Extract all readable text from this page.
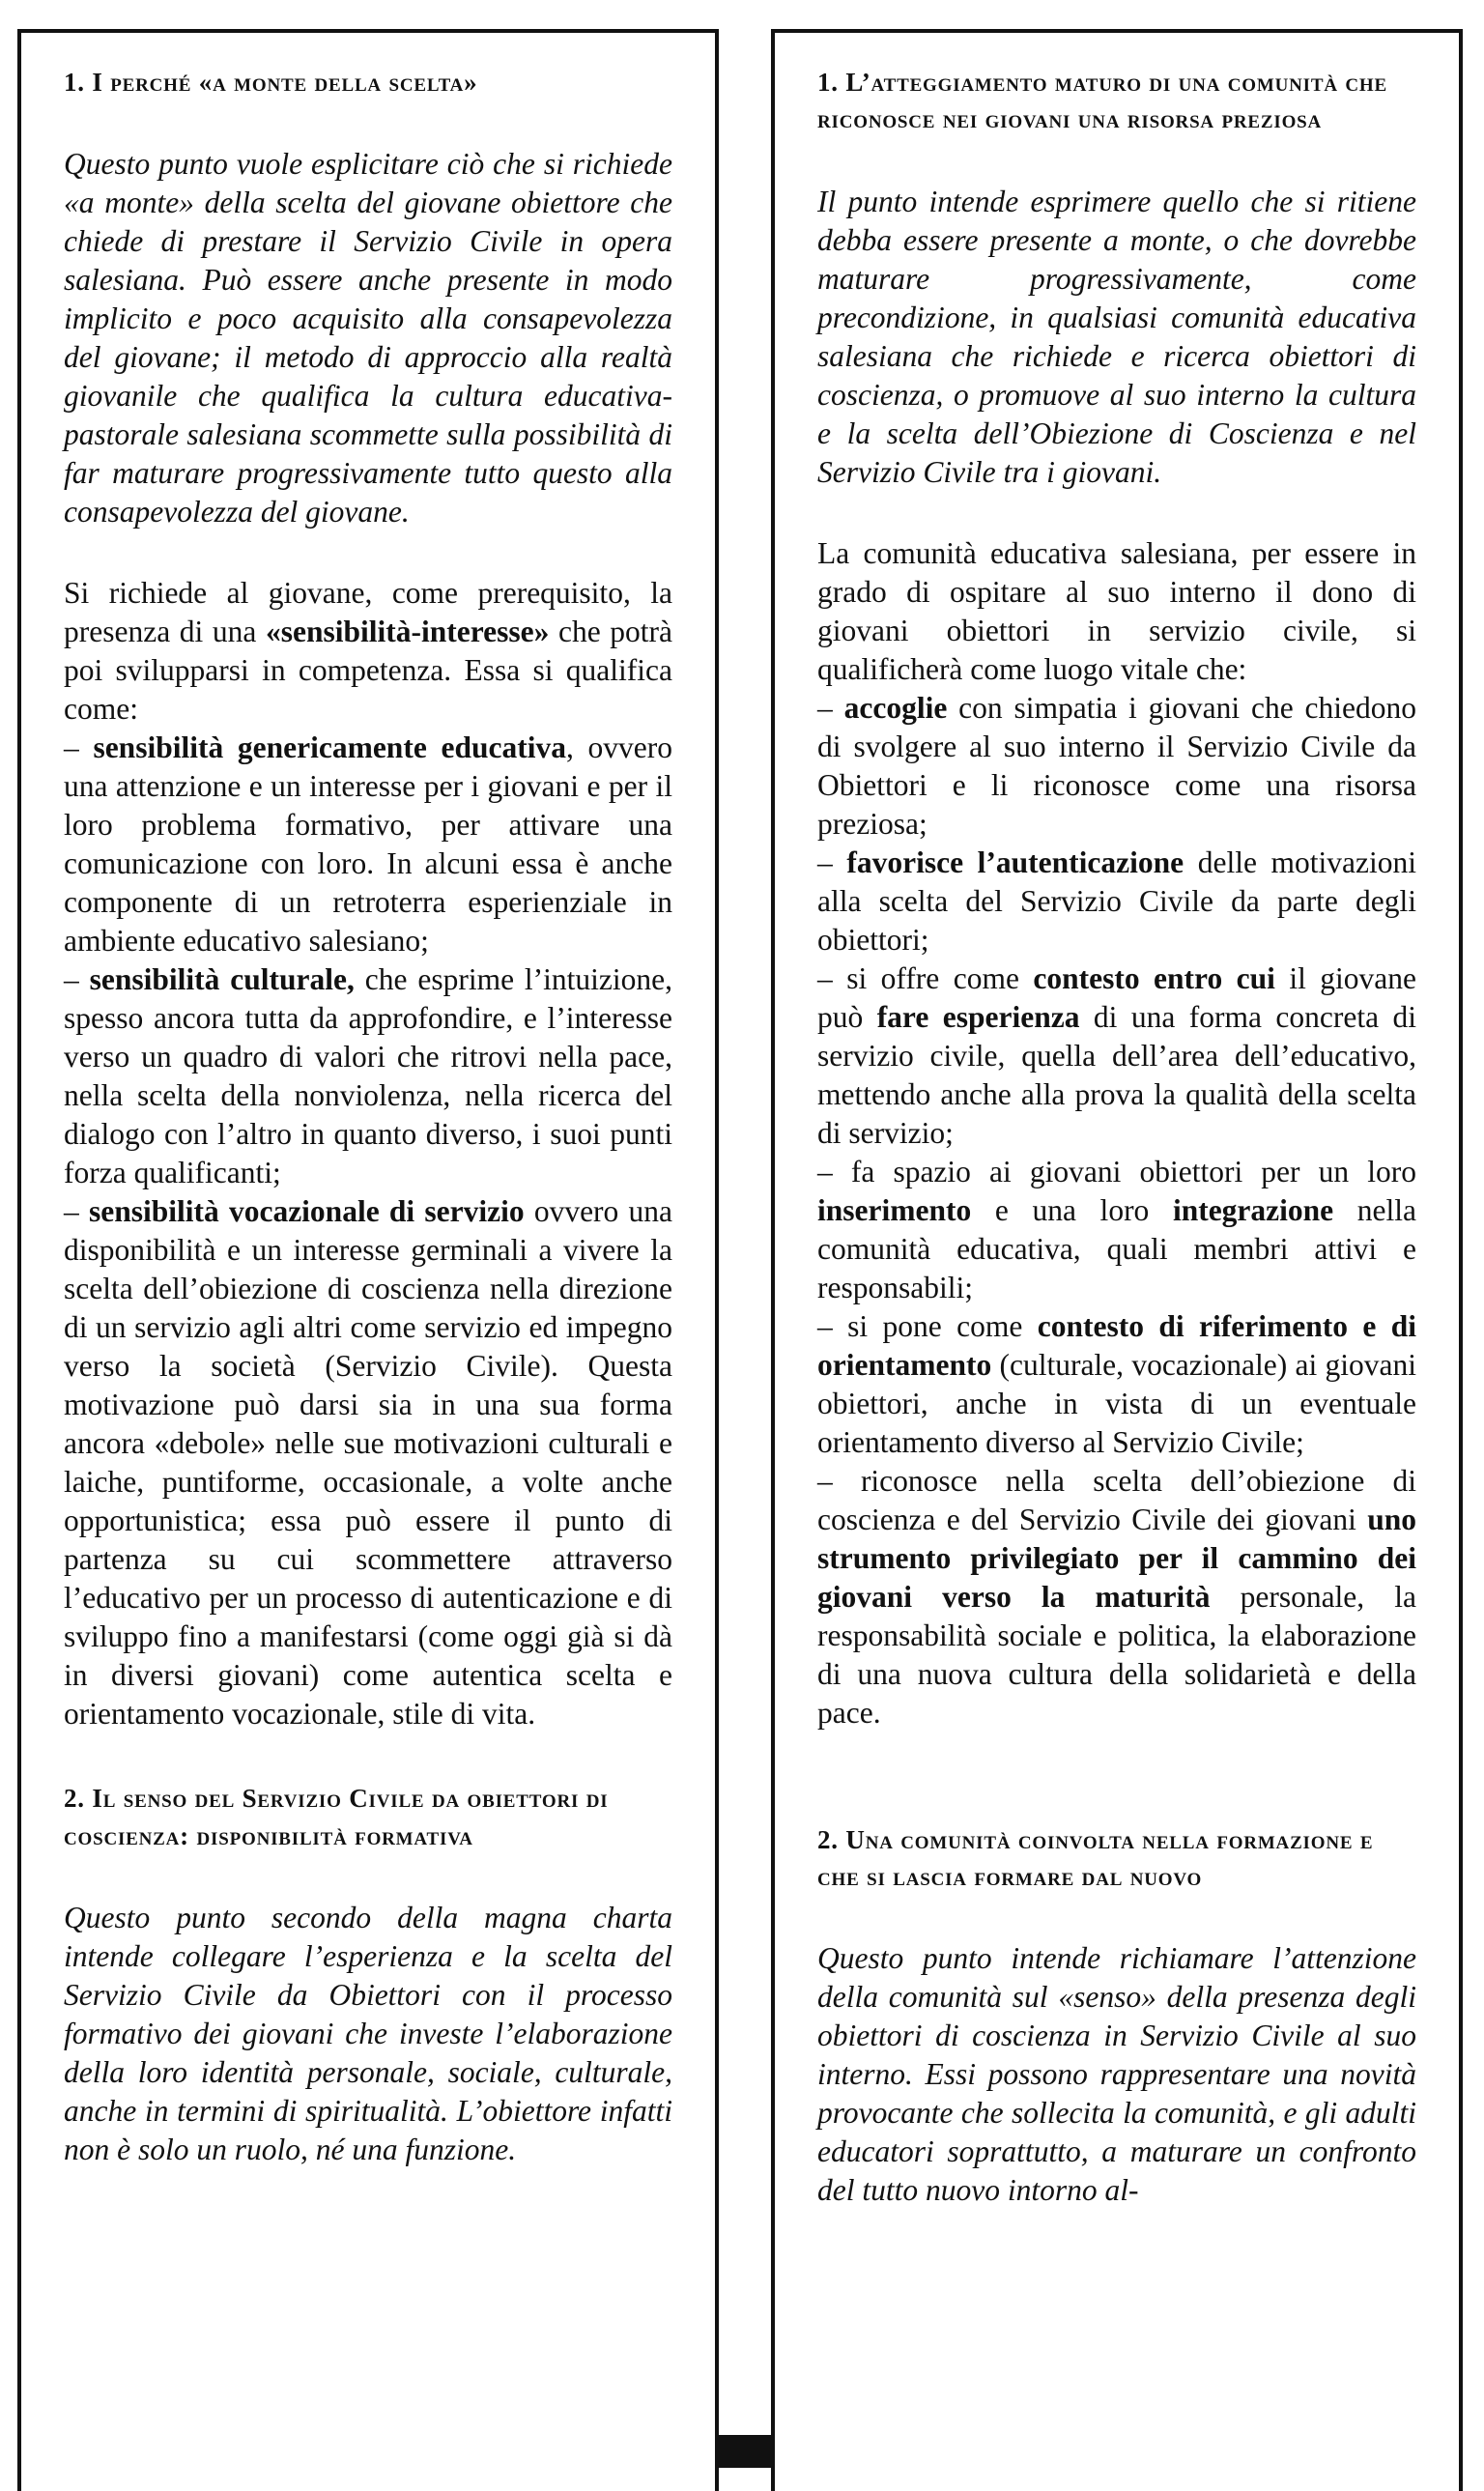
1. I perché «a monte della scelta»

Questo punto vuole esplicitare ciò che si richiede «a monte» della scelta del giovane obiettore che chiede di prestare il Servizio Civile in opera salesiana. Può essere anche presente in modo implicito e poco acquisito alla consapevolezza del giovane; il metodo di approccio alla realtà giovanile che qualifica la cultura educativa-pastorale salesiana scommette sulla possibilità di far maturare progressivamente tutto questo alla consapevolezza del giovane.

Si richiede al giovane, come prerequisito, la presenza di una «sensibilità-interesse» che potrà poi svilupparsi in competenza. Essa si qualifica come:

– sensibilità genericamente educativa, ovvero una attenzione e un interesse per i giovani e per il loro problema formativo, per attivare una comunicazione con loro. In alcuni essa è anche componente di un retroterra esperienziale in ambiente educativo salesiano;

– sensibilità culturale, che esprime l’intuizione, spesso ancora tutta da approfondire, e l’interesse verso un quadro di valori che ritrovi nella pace, nella scelta della nonviolenza, nella ricerca del dialogo con l’altro in quanto diverso, i suoi punti forza qualificanti;

– sensibilità vocazionale di servizio ovvero una disponibilità e un interesse germinali a vivere la scelta dell’obiezione di coscienza nella direzione di un servizio agli altri come servizio ed impegno verso la società (Servizio Civile). Questa motivazione può darsi sia in una sua forma ancora «debole» nelle sue motivazioni culturali e laiche, puntiforme, occasionale, a volte anche opportunistica; essa può essere il punto di partenza su cui scommettere attraverso l’educativo per un processo di autenticazione e di sviluppo fino a manifestarsi (come oggi già si dà in diversi giovani) come autentica scelta e orientamento vocazionale, stile di vita.

2. Il senso del Servizio Civile da obiettori di coscienza: disponibilità formativa

Questo punto secondo della magna charta intende collegare l’esperienza e la scelta del Servizio Civile da Obiettori con il processo formativo dei giovani che investe l’elaborazione della loro identità personale, sociale, culturale, anche in termini di spiritualità. L’obiettore infatti non è solo un ruolo, né una funzione.

1. L’atteggiamento maturo di una comunità che riconosce nei giovani una risorsa preziosa

Il punto intende esprimere quello che si ritiene debba essere presente a monte, o che dovrebbe maturare progressivamente, come precondizione, in qualsiasi comunità educativa salesiana che richiede e ricerca obiettori di coscienza, o promuove al suo interno la cultura e la scelta dell’Obiezione di Coscienza e nel Servizio Civile tra i giovani.

La comunità educativa salesiana, per essere in grado di ospitare al suo interno il dono di giovani obiettori in servizio civile, si qualificherà come luogo vitale che:

– accoglie con simpatia i giovani che chiedono di svolgere al suo interno il Servizio Civile da Obiettori e li riconosce come una risorsa preziosa;

– favorisce l’autenticazione delle motivazioni alla scelta del Servizio Civile da parte degli obiettori;

– si offre come contesto entro cui il giovane può fare esperienza di una forma concreta di servizio civile, quella dell’area dell’educativo, mettendo anche alla prova la qualità della scelta di servizio;

– fa spazio ai giovani obiettori per un loro inserimento e una loro integrazione nella comunità educativa, quali membri attivi e responsabili;

– si pone come contesto di riferimento e di orientamento (culturale, vocazionale) ai giovani obiettori, anche in vista di un eventuale orientamento diverso al Servizio Civile;

– riconosce nella scelta dell’obiezione di coscienza e del Servizio Civile dei giovani uno strumento privilegiato per il cammino dei giovani verso la maturità personale, la responsabilità sociale e politica, la elaborazione di una nuova cultura della solidarietà e della pace.

2. Una comunità coinvolta nella formazione e che si lascia formare dal nuovo

Questo punto intende richiamare l’attenzione della comunità sul «senso» della presenza degli obiettori di coscienza in Servizio Civile al suo interno. Essi possono rappresentare una novità provocante che sollecita la comunità, e gli adulti educatori soprattutto, a maturare un confronto del tutto nuovo intorno al-
